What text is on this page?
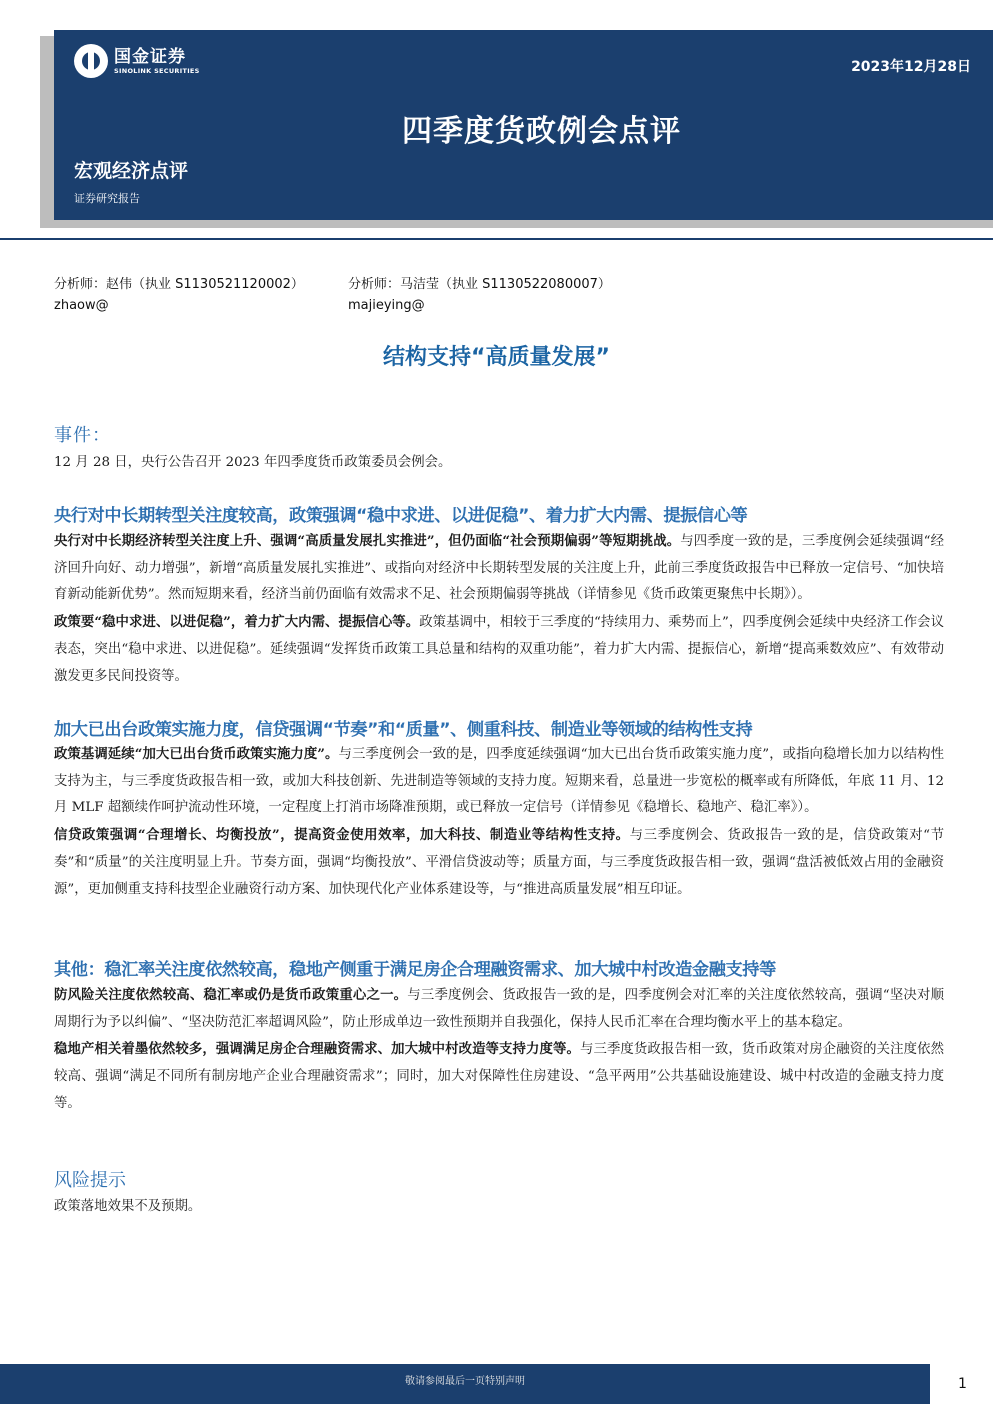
国金证券
SINOLINK SECURITIES	2023年12月28日
四季度货政例会点评
宏观经济点评
证券研究报告
分析师：赵伟（执业 S1130521120002）
zhaow@
分析师：马洁莹（执业 S1130522080007）
majieying@
结构支持“高质量发展”
事件：
12 月 28 日，央行公告召开 2023 年四季度货币政策委员会例会。
央行对中长期转型关注度较高，政策强调“稳中求进、以进促稳”、着力扩大内需、提振信心等

央行对中长期经济转型关注度上升、强调“高质量发展扎实推进”，但仍面临“社会预期偏弱”等短期挑战。与四季度一致的是，三季度例会延续强调“经济回升向好、动力增强”，新增“高质量发展扎实推进”、或指向对经济中长期转型发展的关注度上升，此前三季度货政报告中已释放一定信号、“加快培育新动能新优势”。然而短期来看，经济当前仍面临有效需求不足、社会预期偏弱等挑战（详情参见《货币政策更聚焦中长期》）。

政策要“稳中求进、以进促稳”，着力扩大内需、提振信心等。政策基调中，相较于三季度的“持续用力、乘势而上”，四季度例会延续中央经济工作会议表态，突出“稳中求进、以进促稳”。延续强调“发挥货币政策工具总量和结构的双重功能”，着力扩大内需、提振信心，新增“提高乘数效应”、有效带动激发更多民间投资等。

加大已出台政策实施力度，信贷强调“节奏”和“质量”、侧重科技、制造业等领域的结构性支持

政策基调延续“加大已出台货币政策实施力度”。与三季度例会一致的是，四季度延续强调“加大已出台货币政策实施力度”，或指向稳增长加力以结构性支持为主，与三季度货政报告相一致，或加大科技创新、先进制造等领域的支持力度。短期来看，总量进一步宽松的概率或有所降低，年底 11 月、12 月 MLF 超额续作呵护流动性环境，一定程度上打消市场降准预期，或已释放一定信号（详情参见《稳增长、稳地产、稳汇率》）。

信贷政策强调“合理增长、均衡投放”，提高资金使用效率，加大科技、制造业等结构性支持。与三季度例会、货政报告一致的是，信贷政策对“节奏”和“质量”的关注度明显上升。节奏方面，强调“均衡投放”、平滑信贷波动等；质量方面，与三季度货政报告相一致，强调“盘活被低效占用的金融资源”，更加侧重支持科技型企业融资行动方案、加快现代化产业体系建设等，与“推进高质量发展”相互印证。

其他：稳汇率关注度依然较高，稳地产侧重于满足房企合理融资需求、加大城中村改造金融支持等

防风险关注度依然较高、稳汇率或仍是货币政策重心之一。与三季度例会、货政报告一致的是，四季度例会对汇率的关注度依然较高，强调“坚决对顺周期行为予以纠偏”、“坚决防范汇率超调风险”，防止形成单边一致性预期并自我强化，保持人民币汇率在合理均衡水平上的基本稳定。

稳地产相关着墨依然较多，强调满足房企合理融资需求、加大城中村改造等支持力度等。与三季度货政报告相一致，货币政策对房企融资的关注度依然较高、强调“满足不同所有制房地产企业合理融资需求”；同时，加大对保障性住房建设、“急平两用”公共基础设施建设、城中村改造的金融支持力度等。

风险提示
政策落地效果不及预期。
敬请参阅最后一页特别声明	1
